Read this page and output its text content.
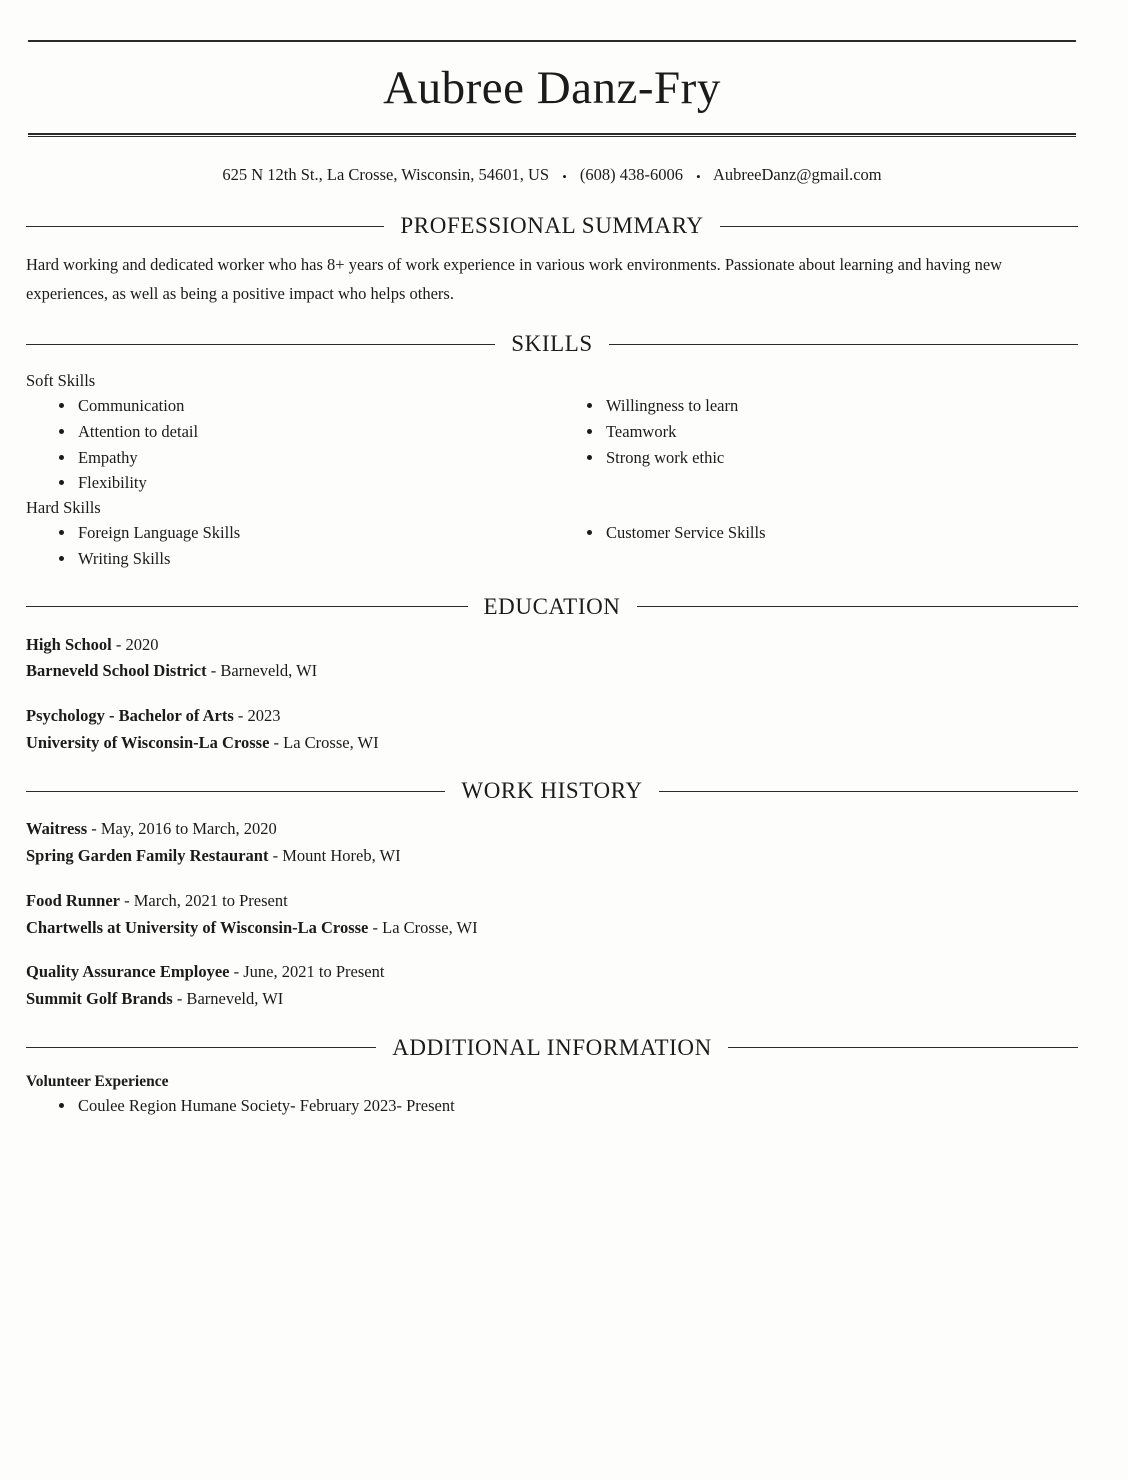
Aubree Danz-Fry
625 N 12th St., La Crosse, Wisconsin, 54601, US • (608) 438-6006 • AubreeDanz@gmail.com
PROFESSIONAL SUMMARY
Hard working and dedicated worker who has 8+ years of work experience in various work environments. Passionate about learning and having new experiences, as well as being a positive impact who helps others.
SKILLS
Soft Skills
• Communication
• Attention to detail
• Empathy
• Flexibility
• Willingness to learn
• Teamwork
• Strong work ethic
Hard Skills
• Foreign Language Skills
• Writing Skills
• Customer Service Skills
EDUCATION
High School - 2020
Barneveld School District - Barneveld, WI
Psychology - Bachelor of Arts - 2023
University of Wisconsin-La Crosse - La Crosse, WI
WORK HISTORY
Waitress - May, 2016 to March, 2020
Spring Garden Family Restaurant - Mount Horeb, WI
Food Runner - March, 2021 to Present
Chartwells at University of Wisconsin-La Crosse - La Crosse, WI
Quality Assurance Employee - June, 2021 to Present
Summit Golf Brands - Barneveld, WI
ADDITIONAL INFORMATION
Volunteer Experience
• Coulee Region Humane Society- February 2023- Present
